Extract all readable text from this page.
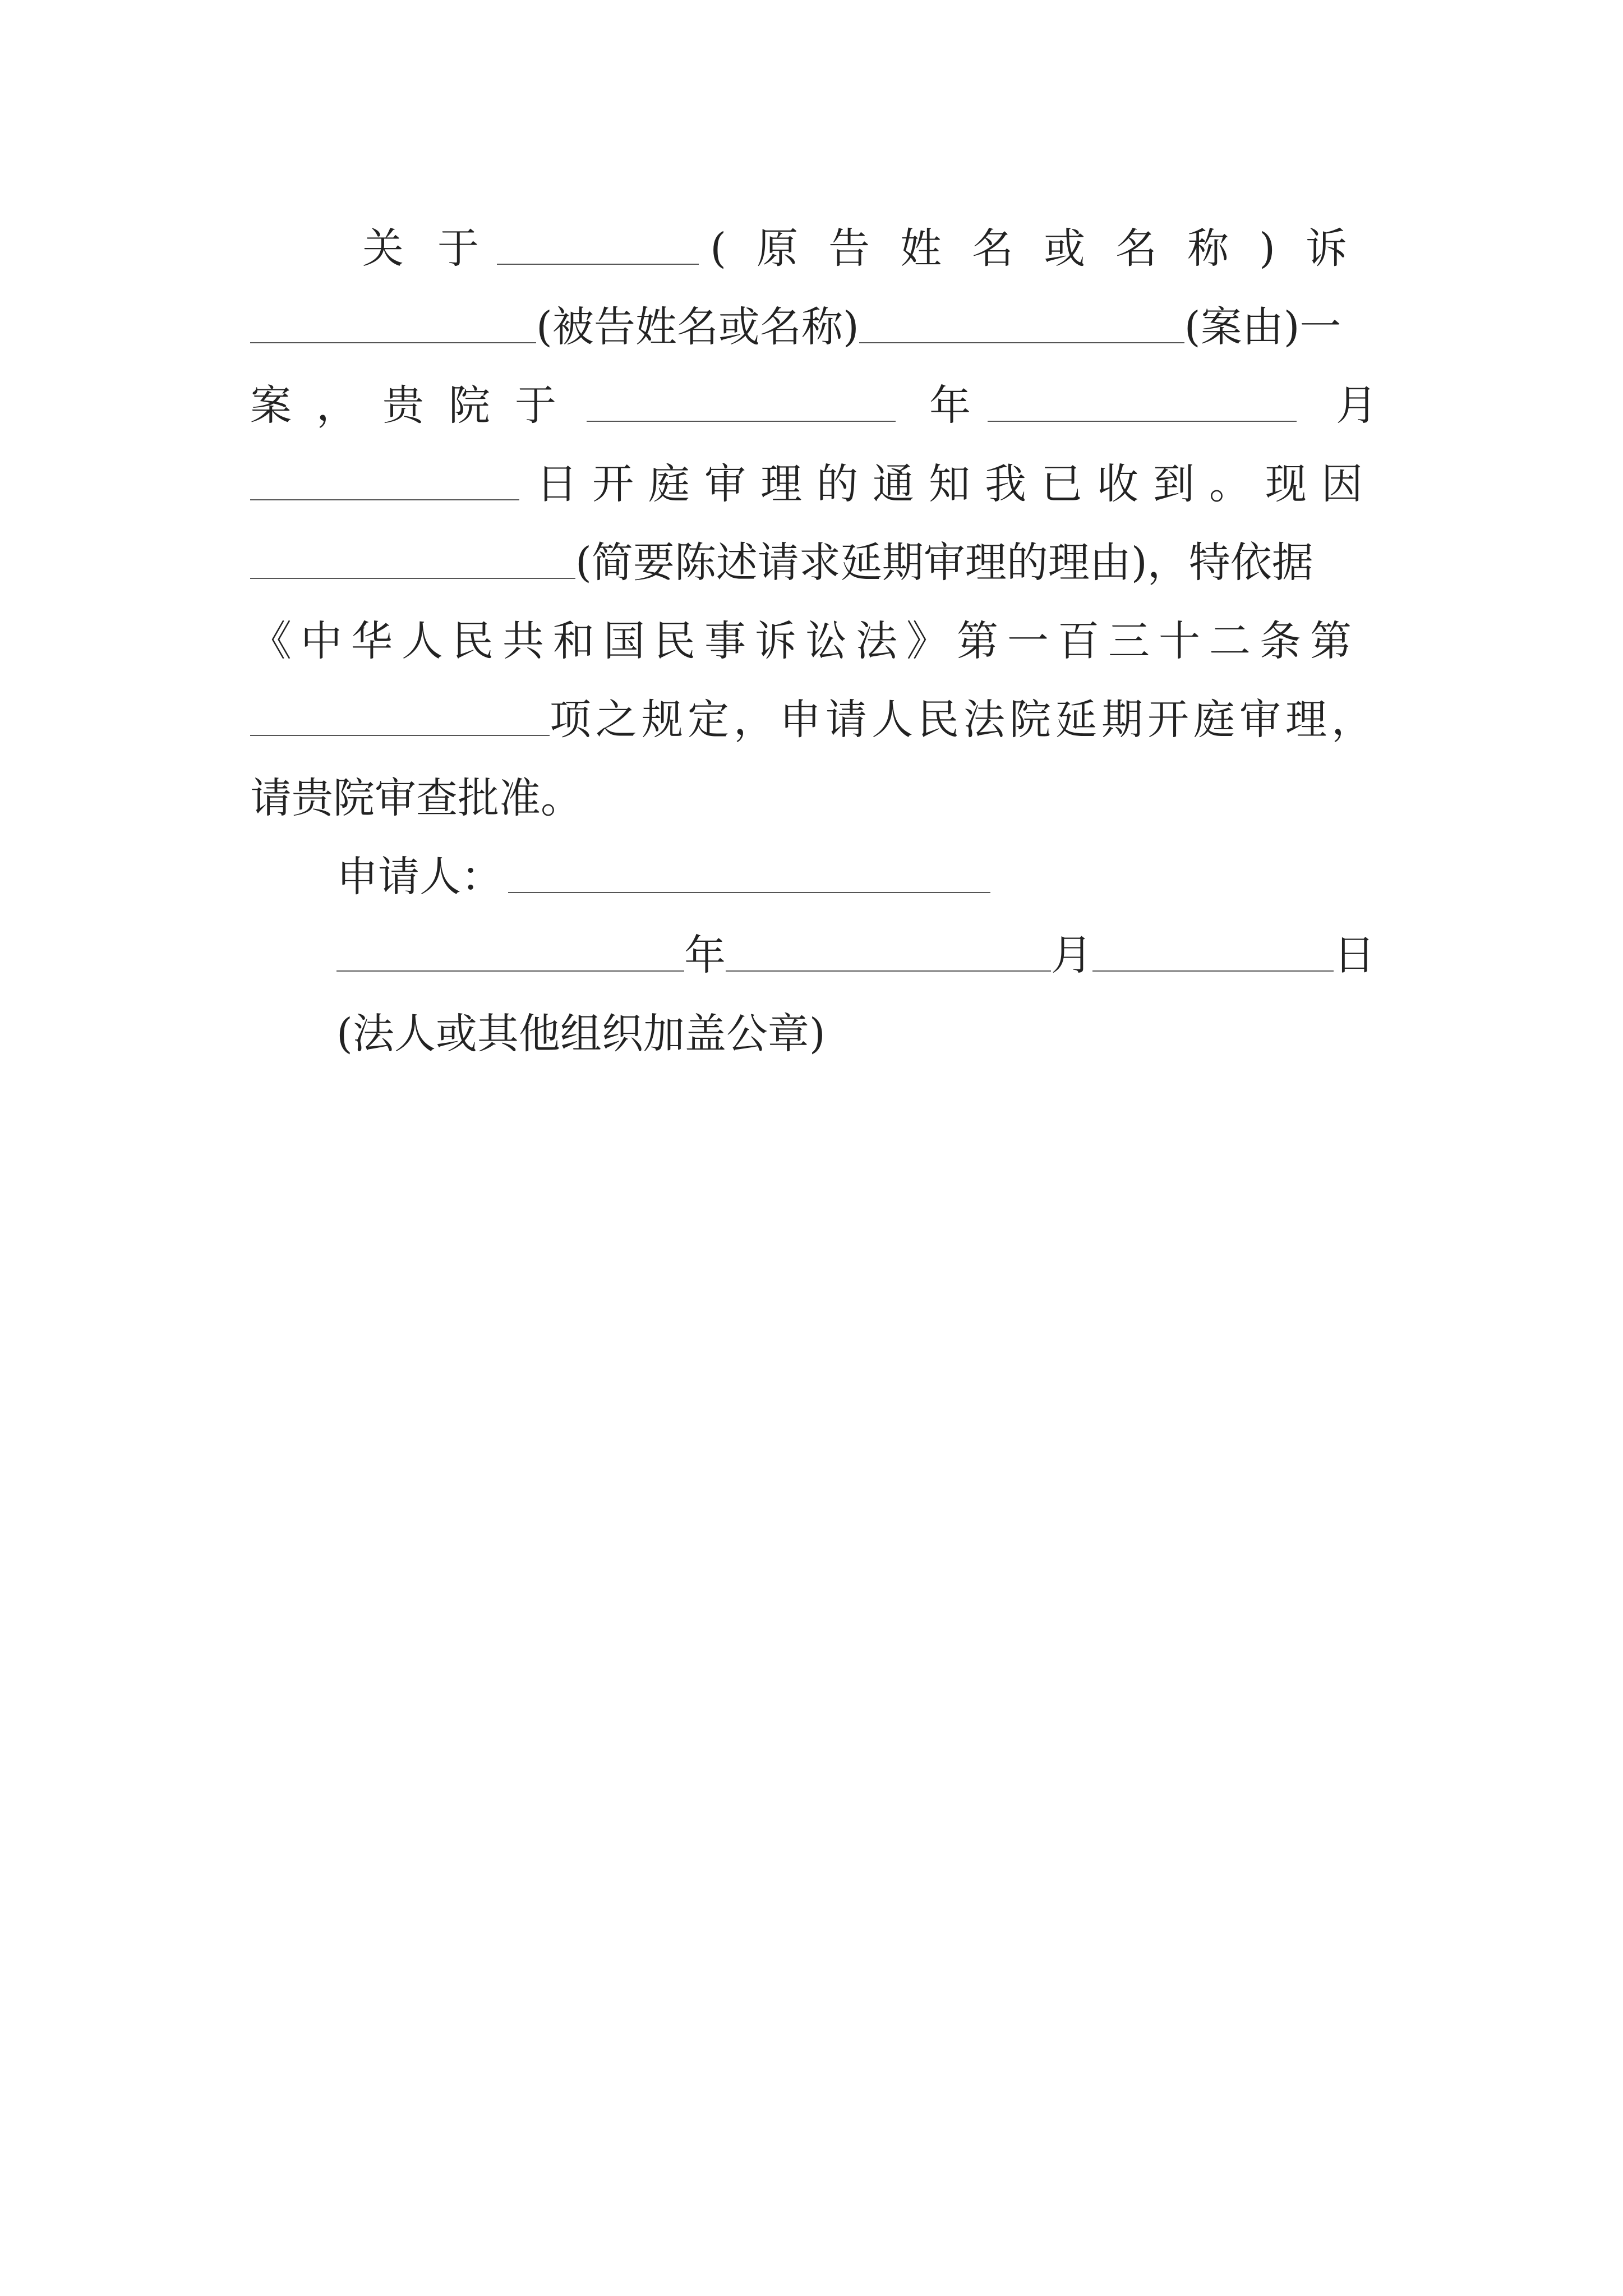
关于	(原告姓名或名称)诉
(被告姓名或名称)	(案由)一
案，贵院于	年	月
日开庭审理的通知我已收到。现因
(简要陈述请求延期审理的理由)，特依据
《中华人民共和国民事诉讼法》第一百三十二条第
项之规定，申请人民法院延期开庭审理，
请贵院审查批准。
申请人：
年	月	日
(法人或其他组织加盖公章)
